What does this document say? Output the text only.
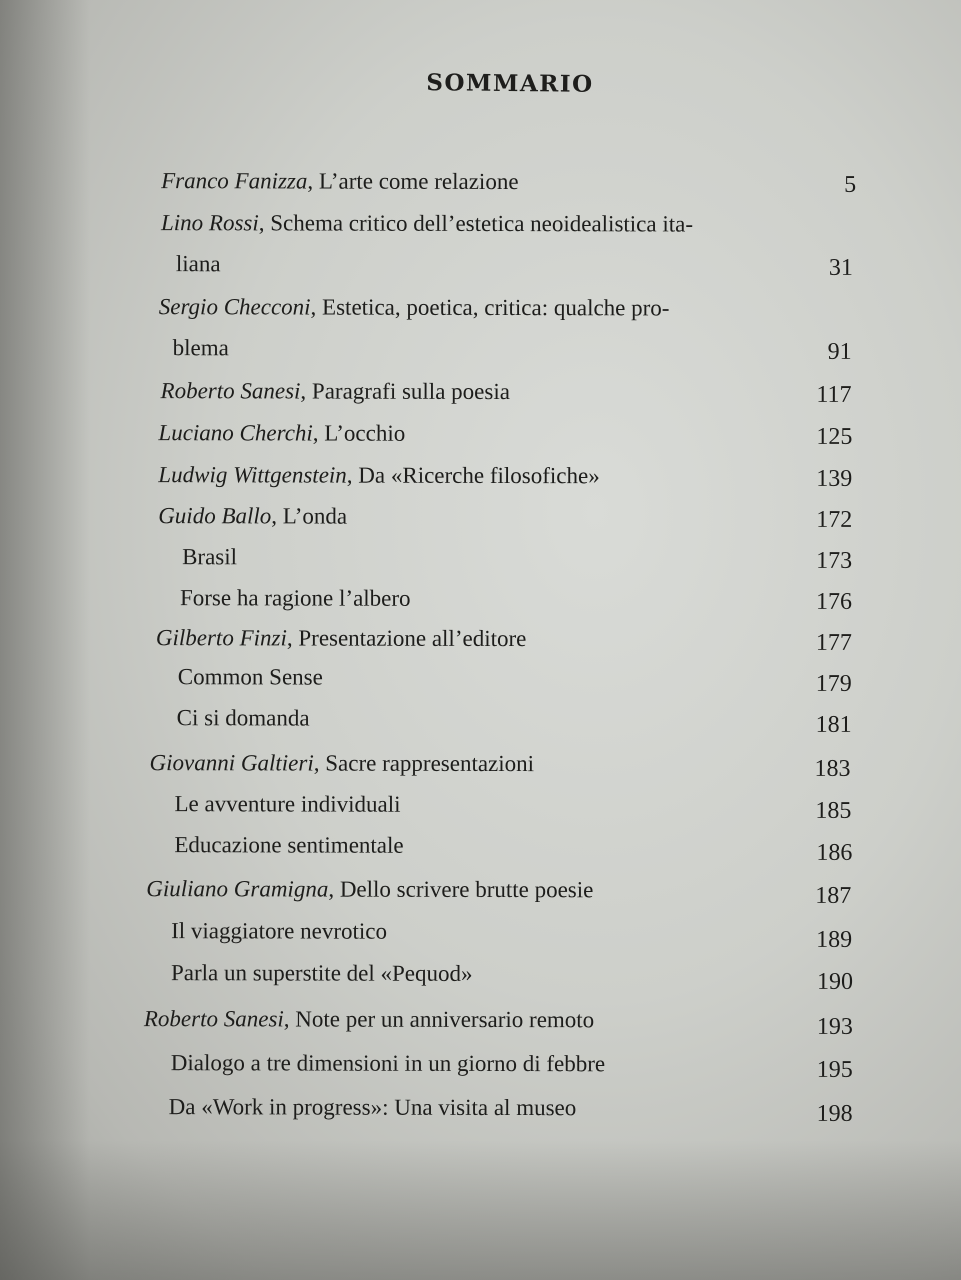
SOMMARIO
Franco Fanizza, L’arte come relazione	5
Lino Rossi, Schema critico dell’estetica neoidealistica ita-
liana	31
Sergio Checconi, Estetica, poetica, critica: qualche pro-
blema	91
Roberto Sanesi, Paragrafi sulla poesia	117
Luciano Cherchi, L’occhio	125
Ludwig Wittgenstein, Da «Ricerche filosofiche»	139
Guido Ballo, L’onda	172
Brasil	173
Forse ha ragione l’albero	176
Gilberto Finzi, Presentazione all’editore	177
Common Sense	179
Ci si domanda	181
Giovanni Galtieri, Sacre rappresentazioni	183
Le avventure individuali	185
Educazione sentimentale	186
Giuliano Gramigna, Dello scrivere brutte poesie	187
Il viaggiatore nevrotico	189
Parla un superstite del «Pequod»	190
Roberto Sanesi, Note per un anniversario remoto	193
Dialogo a tre dimensioni in un giorno di febbre	195
Da «Work in progress»: Una visita al museo	198
